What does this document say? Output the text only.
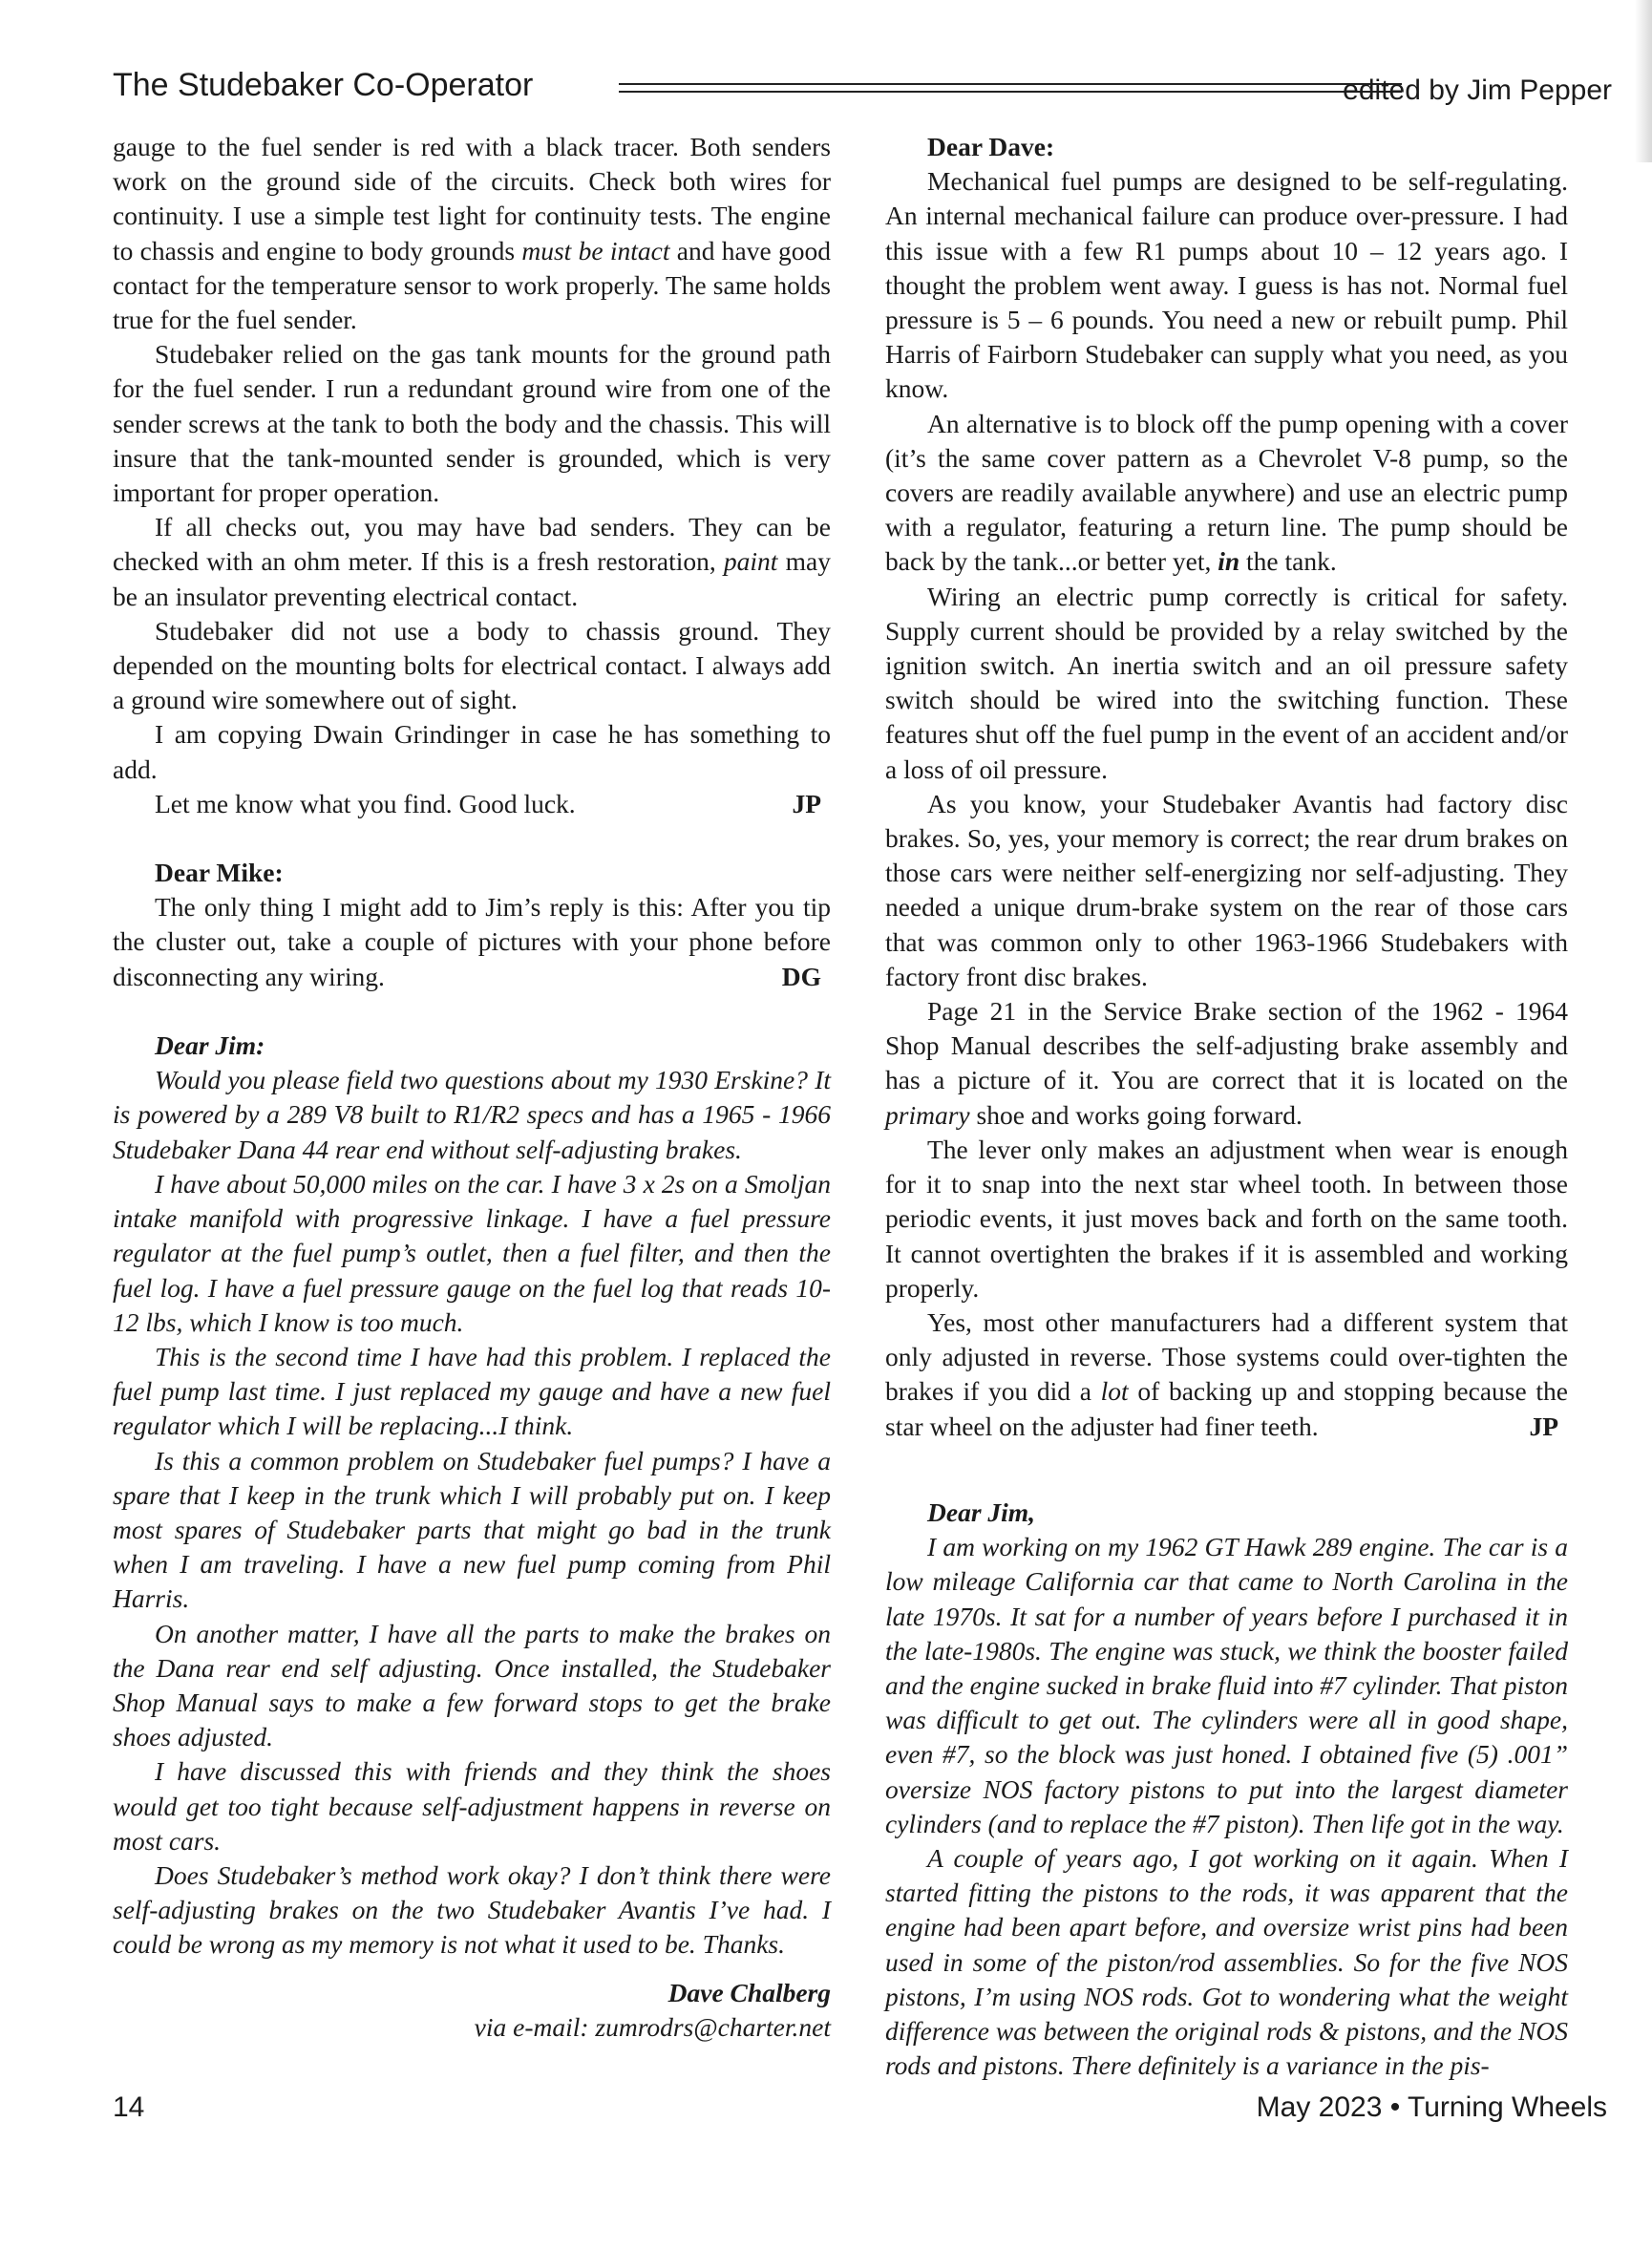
The Studebaker Co-Operator	edited by Jim Pepper

gauge to the fuel sender is red with a black tracer. Both senders work on the ground side of the circuits. Check both wires for continuity. I use a simple test light for continuity tests. The engine to chassis and engine to body grounds must be intact and have good contact for the temperature sensor to work properly. The same holds true for the fuel sender.

Studebaker relied on the gas tank mounts for the ground path for the fuel sender. I run a redundant ground wire from one of the sender screws at the tank to both the body and the chassis. This will insure that the tank-mounted sender is grounded, which is very important for proper operation.

If all checks out, you may have bad senders. They can be checked with an ohm meter. If this is a fresh restoration, paint may be an insulator preventing electrical contact.

Studebaker did not use a body to chassis ground. They depended on the mounting bolts for electrical contact. I always add a ground wire somewhere out of sight.

I am copying Dwain Grindinger in case he has something to add.

Let me know what you find. Good luck.	JP

Dear Mike:

The only thing I might add to Jim’s reply is this: After you tip the cluster out, take a couple of pictures with your phone before disconnecting any wiring.	DG

Dear Jim:

Would you please field two questions about my 1930 Erskine? It is powered by a 289 V8 built to R1/R2 specs and has a 1965 - 1966 Studebaker Dana 44 rear end without self-adjusting brakes.

I have about 50,000 miles on the car. I have 3 x 2s on a Smoljan intake manifold with progressive linkage. I have a fuel pressure regulator at the fuel pump’s outlet, then a fuel filter, and then the fuel log. I have a fuel pressure gauge on the fuel log that reads 10-12 lbs, which I know is too much.

This is the second time I have had this problem. I replaced the fuel pump last time. I just replaced my gauge and have a new fuel regulator which I will be replacing...I think.

Is this a common problem on Studebaker fuel pumps? I have a spare that I keep in the trunk which I will probably put on. I keep most spares of Studebaker parts that might go bad in the trunk when I am traveling. I have a new fuel pump coming from Phil Harris.

On another matter, I have all the parts to make the brakes on the Dana rear end self adjusting. Once installed, the Studebaker Shop Manual says to make a few forward stops to get the brake shoes adjusted.

I have discussed this with friends and they think the shoes would get too tight because self-adjustment happens in reverse on most cars.

Does Studebaker’s method work okay? I don’t think there were self-adjusting brakes on the two Studebaker Avantis I’ve had. I could be wrong as my memory is not what it used to be. Thanks.

Dave Chalberg

via e-mail: zumrodrs@charter.net

Dear Dave:

Mechanical fuel pumps are designed to be self-regulating. An internal mechanical failure can produce over-pressure. I had this issue with a few R1 pumps about 10 – 12 years ago. I thought the problem went away. I guess is has not. Normal fuel pressure is 5 – 6 pounds. You need a new or rebuilt pump. Phil Harris of Fairborn Studebaker can supply what you need, as you know.

An alternative is to block off the pump opening with a cover (it’s the same cover pattern as a Chevrolet V-8 pump, so the covers are readily available anywhere) and use an electric pump with a regulator, featuring a return line. The pump should be back by the tank...or better yet, in the tank.

Wiring an electric pump correctly is critical for safety. Supply current should be provided by a relay switched by the ignition switch. An inertia switch and an oil pressure safety switch should be wired into the switching function. These features shut off the fuel pump in the event of an accident and/or a loss of oil pressure.

As you know, your Studebaker Avantis had factory disc brakes. So, yes, your memory is correct; the rear drum brakes on those cars were neither self-energizing nor self-adjusting. They needed a unique drum-brake system on the rear of those cars that was common only to other 1963-1966 Studebakers with factory front disc brakes.

Page 21 in the Service Brake section of the 1962 - 1964 Shop Manual describes the self-adjusting brake assembly and has a picture of it. You are correct that it is located on the primary shoe and works going forward.

The lever only makes an adjustment when wear is enough for it to snap into the next star wheel tooth. In between those periodic events, it just moves back and forth on the same tooth. It cannot overtighten the brakes if it is assembled and working properly.

Yes, most other manufacturers had a different system that only adjusted in reverse. Those systems could over-tighten the brakes if you did a lot of backing up and stopping because the star wheel on the adjuster had finer teeth.	JP

Dear Jim,

I am working on my 1962 GT Hawk 289 engine. The car is a low mileage California car that came to North Carolina in the late 1970s. It sat for a number of years before I purchased it in the late-1980s. The engine was stuck, we think the booster failed and the engine sucked in brake fluid into #7 cylinder. That piston was difficult to get out. The cylinders were all in good shape, even #7, so the block was just honed. I obtained five (5) .001” oversize NOS factory pistons to put into the largest diameter cylinders (and to replace the #7 piston). Then life got in the way.

A couple of years ago, I got working on it again. When I started fitting the pistons to the rods, it was apparent that the engine had been apart before, and oversize wrist pins had been used in some of the piston/rod assemblies. So for the five NOS pistons, I’m using NOS rods. Got to wondering what the weight difference was between the original rods & pistons, and the NOS rods and pistons. There definitely is a variance in the pis-

14	May 2023 • Turning Wheels
